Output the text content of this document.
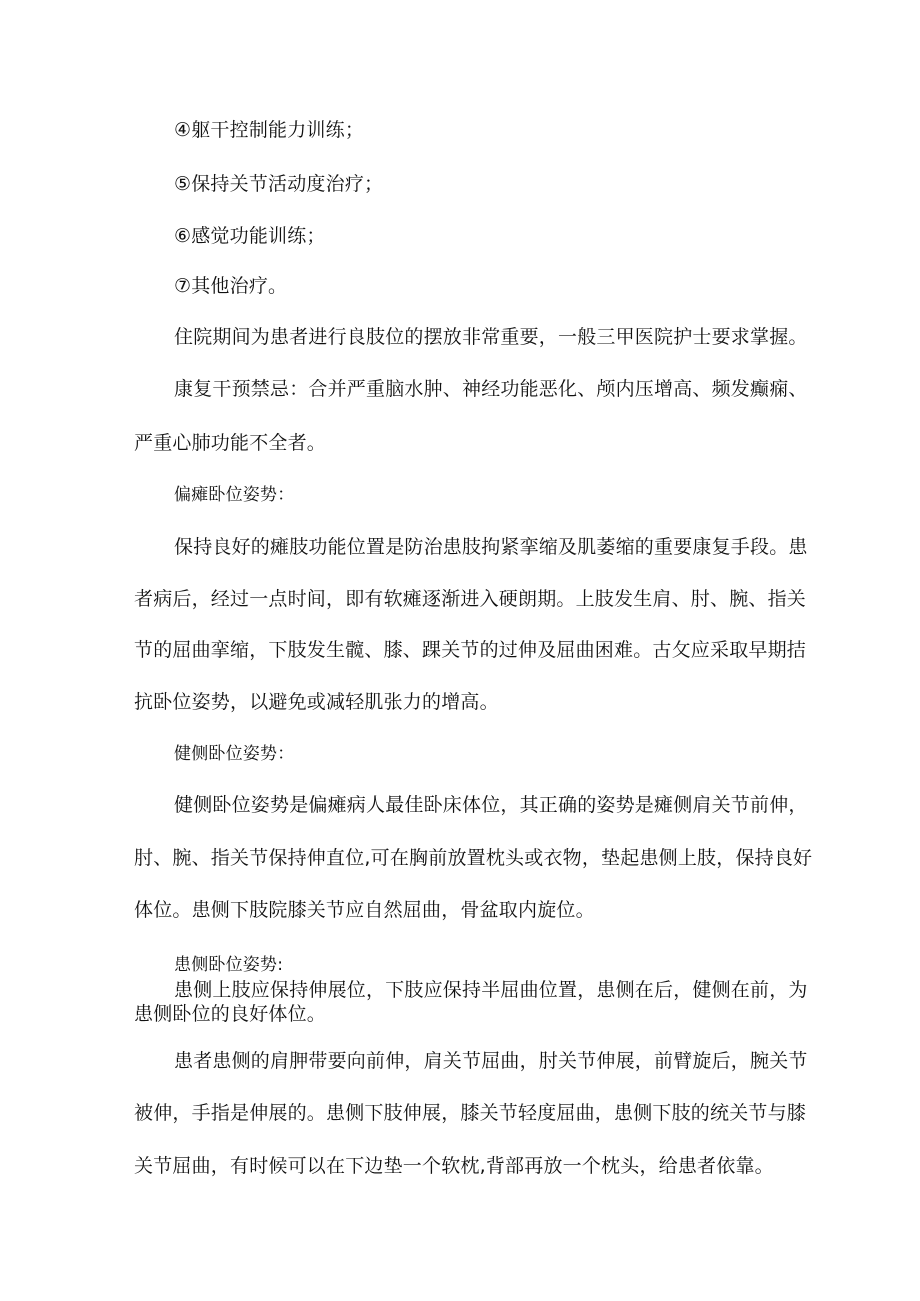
④躯干控制能力训练；
⑤保持关节活动度治疗；
⑥感觉功能训练；
⑦其他治疗。
住院期间为患者进行良肢位的摆放非常重要，一般三甲医院护士要求掌握。
康复干预禁忌：合并严重脑水肿、神经功能恶化、颅内压增高、频发癫痫、
严重心肺功能不全者。
偏瘫卧位姿势：
保持良好的瘫肢功能位置是防治患肢拘紧挛缩及肌萎缩的重要康复手段。患
者病后，经过一点时间，即有软瘫逐渐进入硬朗期。上肢发生肩、肘、腕、指关
节的屈曲挛缩，下肢发生髋、膝、踝关节的过伸及屈曲困难。古攵应采取早期拮
抗卧位姿势，以避免或减轻肌张力的增高。
健侧卧位姿势：
健侧卧位姿势是偏瘫病人最佳卧床体位，其正确的姿势是瘫侧肩关节前伸，
肘、腕、指关节保持伸直位,可在胸前放置枕头或衣物，垫起患侧上肢，保持良好
体位。患侧下肢院膝关节应自然屈曲，骨盆取内旋位。
患侧卧位姿势:
患侧上肢应保持伸展位，下肢应保持半屈曲位置，患侧在后，健侧在前，为
患侧卧位的良好体位。
患者患侧的肩胛带要向前伸，肩关节屈曲，肘关节伸展，前臂旋后，腕关节
被伸，手指是伸展的。患侧下肢伸展，膝关节轻度屈曲，患侧下肢的统关节与膝
关节屈曲，有时候可以在下边垫一个软枕,背部再放一个枕头，给患者依靠。
